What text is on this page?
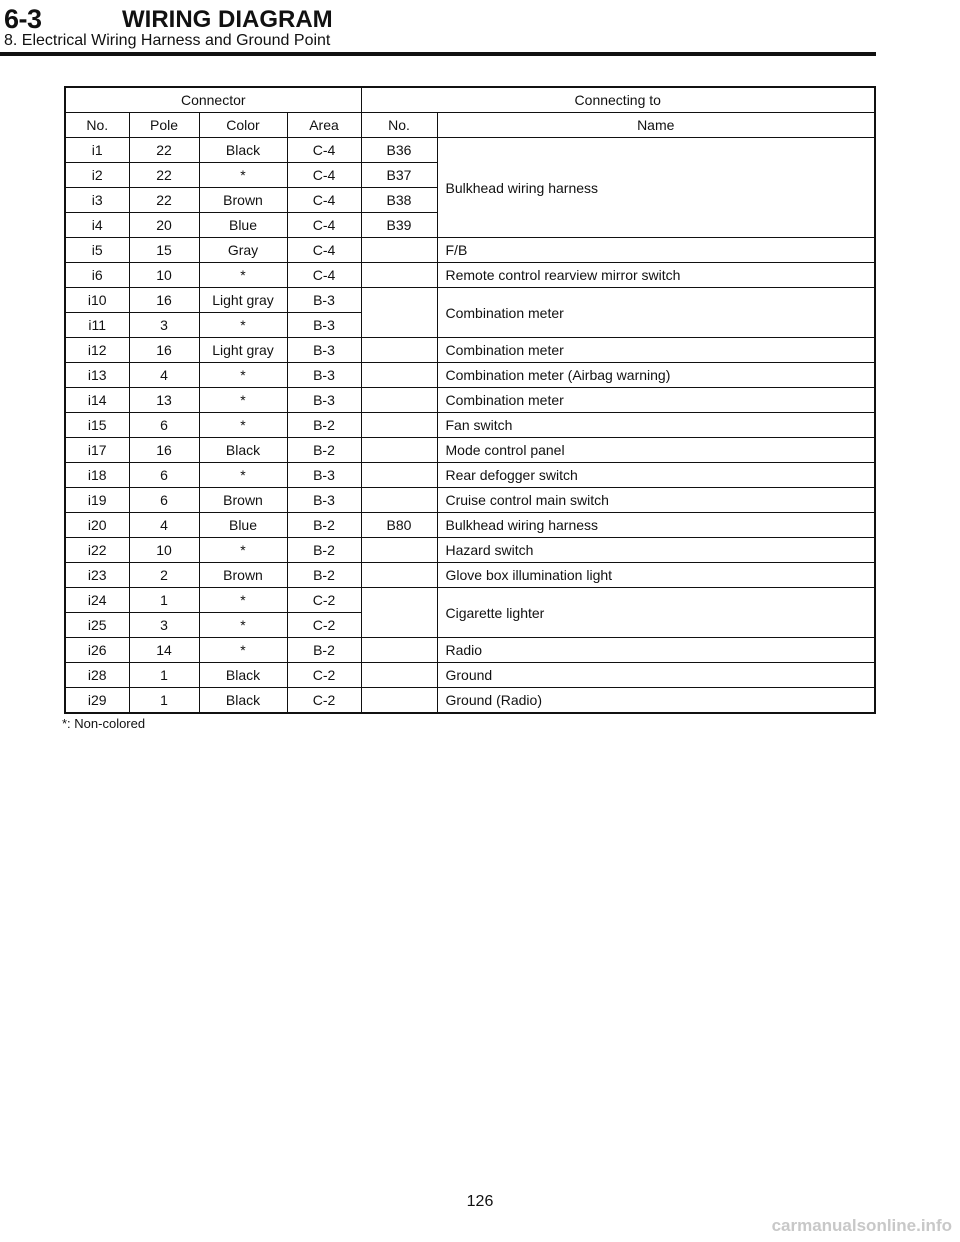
6-3	WIRING DIAGRAM
8. Electrical Wiring Harness and Ground Point
Connector				Connecting to	
No.	Pole	Color	Area	No.	Name
i1	22	Black	C-4	B36	Bulkhead wiring harness
i2	22	*	C-4	B37	
i3	22	Brown	C-4	B38	
i4	20	Blue	C-4	B39	
i5	15	Gray	C-4		F/B
i6	10	*	C-4		Remote control rearview mirror switch
i10	16	Light gray	B-3		Combination meter
i11	3	*	B-3		
i12	16	Light gray	B-3		Combination meter
i13	4	*	B-3		Combination meter (Airbag warning)
i14	13	*	B-3		Combination meter
i15	6	*	B-2		Fan switch
i17	16	Black	B-2		Mode control panel
i18	6	*	B-3		Rear defogger switch
i19	6	Brown	B-3		Cruise control main switch
i20	4	Blue	B-2	B80	Bulkhead wiring harness
i22	10	*	B-2		Hazard switch
i23	2	Brown	B-2		Glove box illumination light
i24	1	*	C-2		Cigarette lighter
i25	3	*	C-2		
i26	14	*	B-2		Radio
i28	1	Black	C-2		Ground
i29	1	Black	C-2		Ground (Radio)
*: Non-colored
126
carmanualsonline.info
